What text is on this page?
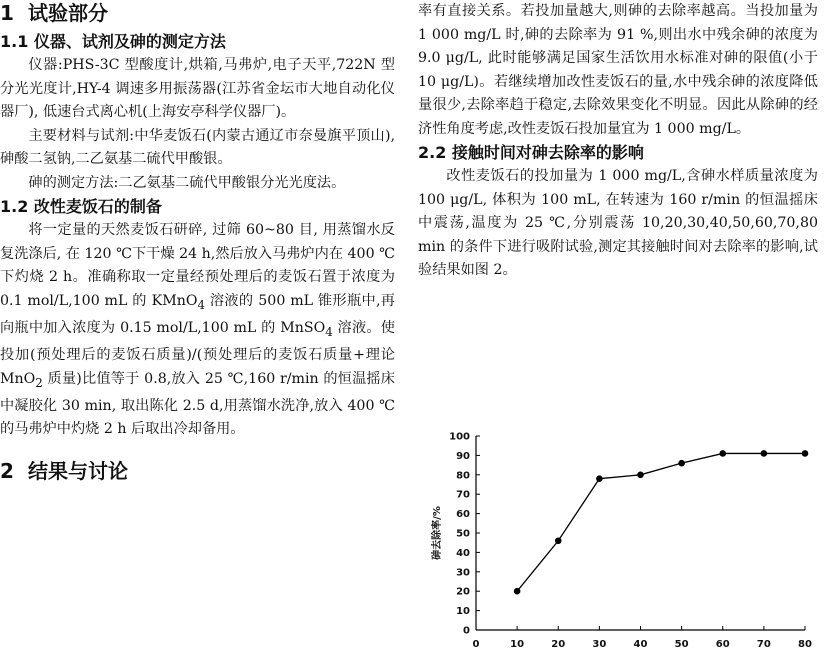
1 试验部分
1.1 仪器、试剂及砷的测定方法

仪器:PHS-3C 型酸度计,烘箱,马弗炉,电子天平,722N 型分光光度计,HY-4 调速多用振荡器(江苏省金坛市大地自动化仪器厂), 低速台式离心机(上海安亭科学仪器厂)。

主要材料与试剂:中华麦饭石(内蒙古通辽市奈曼旗平顶山),砷酸二氢钠,二乙氨基二硫代甲酸银。

砷的测定方法:二乙氨基二硫代甲酸银分光光度法。

1.2 改性麦饭石的制备

将一定量的天然麦饭石研碎, 过筛 60~80 目, 用蒸馏水反复洗涤后, 在 120 ℃下干燥 24 h,然后放入马弗炉内在 400 ℃下灼烧 2 h。准确称取一定量经预处理后的麦饭石置于浓度为 0.1 mol/L,100 mL 的 KMnO$_4$ 溶液的 500 mL 锥形瓶中,再向瓶中加入浓度为 0.15 mol/L,100 mL 的 MnSO$_4$ 溶液。使投加(预处理后的麦饭石质量)/(预处理后的麦饭石质量+理论 MnO$_2$ 质量)比值等于 0.8,放入 25 ℃,160 r/min 的恒温摇床中凝胶化 30 min, 取出陈化 2.5 d,用蒸馏水洗净,放入 400 ℃的马弗炉中灼烧 2 h 后取出冷却备用。

2 结果与讨论

率有直接关系。若投加量越大,则砷的去除率越高。当投加量为 1 000 mg/L 时,砷的去除率为 91 %,则出水中残余砷的浓度为 9.0 μg/L, 此时能够满足国家生活饮用水标准对砷的限值(小于 10 μg/L)。若继续增加改性麦饭石的量,水中残余砷的浓度降低量很少,去除率趋于稳定,去除效果变化不明显。因此从除砷的经济性角度考虑,改性麦饭石投加量宜为 1 000 mg/L。

2.2 接触时间对砷去除率的影响

改性麦饭石的投加量为 1 000 mg/L,含砷水样质量浓度为 100 μg/L, 体积为 100 mL, 在转速为 160 r/min 的恒温摇床中震荡,温度为 25 ℃,分别震荡 10,20,30,40,50,60,70,80 min 的条件下进行吸附试验,测定其接触时间对去除率的影响,试验结果如图 2。

0
10
20
30
40
50
60
70
80
90
100
0	10	20	30	40	50	60	70	80
砷去除率/%
